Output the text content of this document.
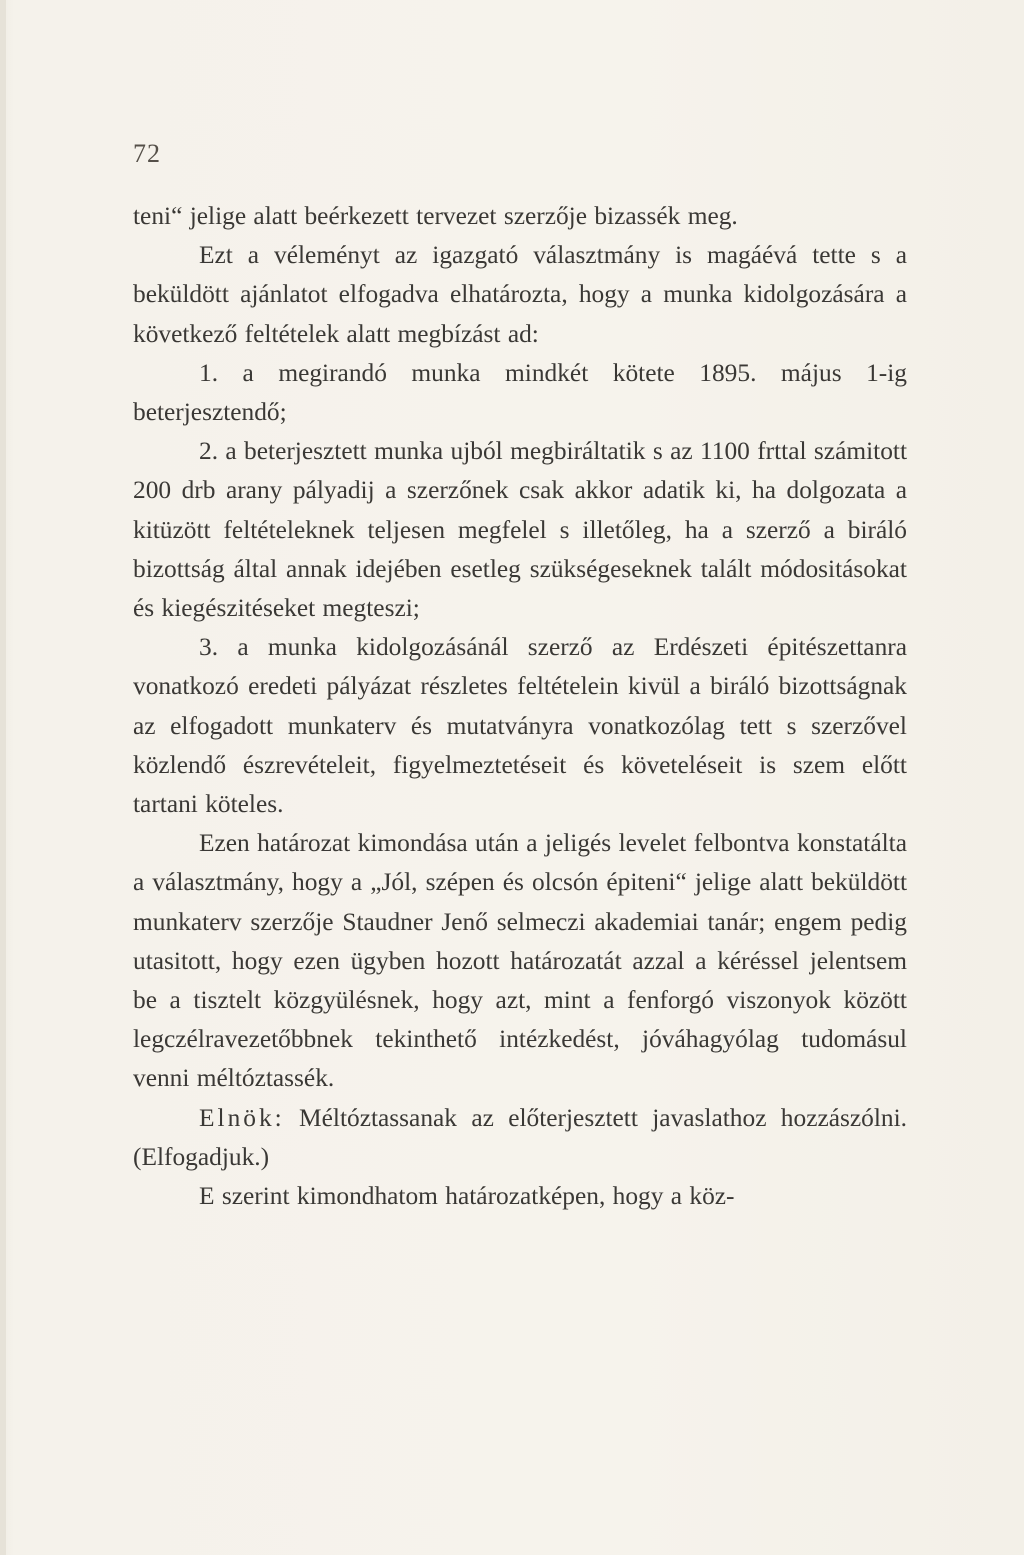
72

teni“ jelige alatt beérkezett tervezet szerzője bizassék meg.

Ezt a véleményt az igazgató választmány is magáévá tette s a beküldött ajánlatot elfogadva elhatározta, hogy a munka kidolgozására a következő feltételek alatt megbízást ad:

1. a megirandó munka mindkét kötete 1895. május 1-ig beterjesztendő;

2. a beterjesztett munka ujból megbiráltatik s az 1100 frttal számitott 200 drb arany pályadij a szerzőnek csak akkor adatik ki, ha dolgozata a kitüzött feltételeknek teljesen megfelel s illetőleg, ha a szerző a biráló bizottság által annak idejében esetleg szükségeseknek talált módositásokat és kiegészitéseket megteszi;

3. a munka kidolgozásánál szerző az Erdészeti épitészettanra vonatkozó eredeti pályázat részletes feltételein kivül a biráló bizottságnak az elfogadott munkaterv és mutatványra vonatkozólag tett s szerzővel közlendő észrevételeit, figyelmeztetéseit és követeléseit is szem előtt tartani köteles.

Ezen határozat kimondása után a jeligés levelet felbontva konstatálta a választmány, hogy a „Jól, szépen és olcsón épiteni“ jelige alatt beküldött munkaterv szerzője Staudner Jenő selmeczi akademiai tanár; engem pedig utasitott, hogy ezen ügyben hozott határozatát azzal a kéréssel jelentsem be a tisztelt közgyülésnek, hogy azt, mint a fenforgó viszonyok között legczélravezetőbbnek tekinthető intézkedést, jóváhagyólag tudomásul venni méltóztassék.

Elnök: Méltóztassanak az előterjesztett javaslathoz hozzászólni. (Elfogadjuk.)

E szerint kimondhatom határozatképen, hogy a köz-
